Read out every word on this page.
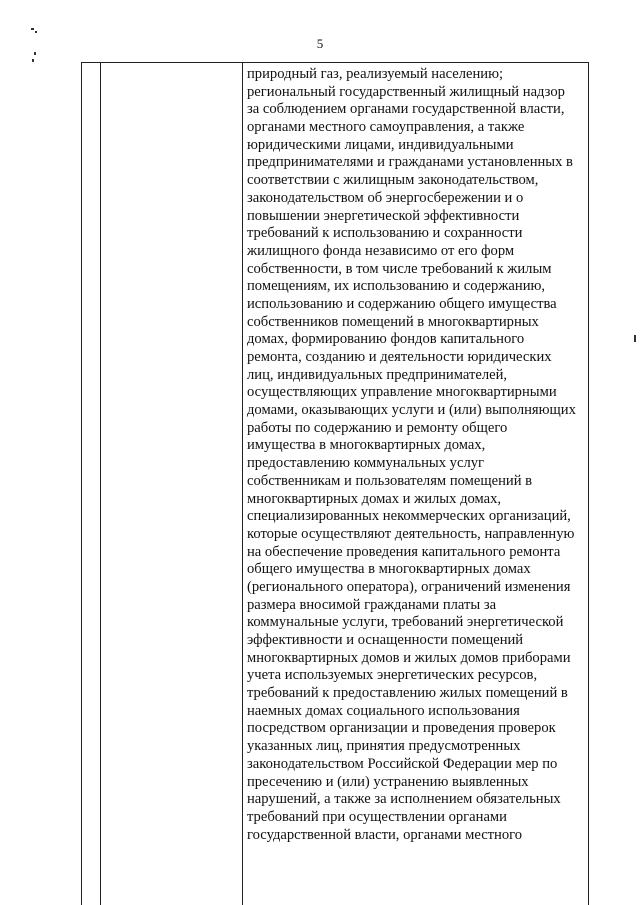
5
природный газ, реализуемый населению;
региональный государственный жилищный надзор
за соблюдением органами государственной власти,
органами местного самоуправления, а также
юридическими лицами, индивидуальными
предпринимателями и гражданами установленных в
соответствии с жилищным законодательством,
законодательством об энергосбережении и о
повышении энергетической эффективности
требований к использованию и сохранности
жилищного фонда независимо от его форм
собственности, в том числе требований к жилым
помещениям, их использованию и содержанию,
использованию и содержанию общего имущества
собственников помещений в многоквартирных
домах, формированию фондов капитального
ремонта, созданию и деятельности юридических
лиц, индивидуальных предпринимателей,
осуществляющих управление многоквартирными
домами, оказывающих услуги и (или) выполняющих
работы по содержанию и ремонту общего
имущества в многоквартирных домах,
предоставлению коммунальных услуг
собственникам и пользователям помещений в
многоквартирных домах и жилых домах,
специализированных некоммерческих организаций,
которые осуществляют деятельность, направленную
на обеспечение проведения капитального ремонта
общего имущества в многоквартирных домах
(регионального оператора), ограничений изменения
размера вносимой гражданами платы за
коммунальные услуги, требований энергетической
эффективности и оснащенности помещений
многоквартирных домов и жилых домов приборами
учета используемых энергетических ресурсов,
требований к предоставлению жилых помещений в
наемных домах социального использования
посредством организации и проведения проверок
указанных лиц, принятия предусмотренных
законодательством Российской Федерации мер по
пресечению и (или) устранению выявленных
нарушений, а также за исполнением обязательных
требований при осуществлении органами
государственной власти, органами местного
